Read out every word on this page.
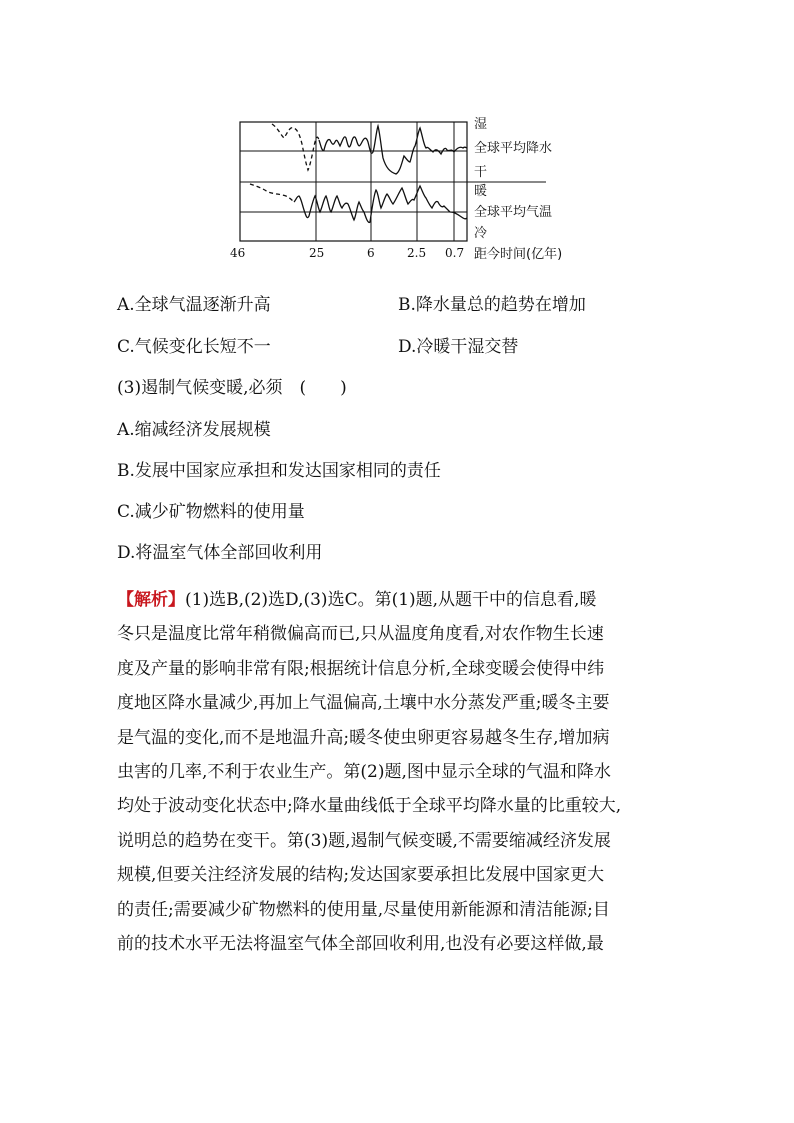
湿
全球平均降水
干
暖
全球平均气温
冷
距今时间(亿年)
46	25	6	2.5 0.7
A.全球气温逐渐升高	B.降水量总的趋势在增加
C.气候变化长短不一	D.冷暖干湿交替
(3)遏制气候变暖,必须　(　　)
A.缩减经济发展规模
B.发展中国家应承担和发达国家相同的责任
C.减少矿物燃料的使用量
D.将温室气体全部回收利用
【解析】(1)选B,(2)选D,(3)选C。第(1)题,从题干中的信息看,暖
冬只是温度比常年稍微偏高而已,只从温度角度看,对农作物生长速
度及产量的影响非常有限;根据统计信息分析,全球变暖会使得中纬
度地区降水量减少,再加上气温偏高,土壤中水分蒸发严重;暖冬主要
是气温的变化,而不是地温升高;暖冬使虫卵更容易越冬生存,增加病
虫害的几率,不利于农业生产。第(2)题,图中显示全球的气温和降水
均处于波动变化状态中;降水量曲线低于全球平均降水量的比重较大,
说明总的趋势在变干。第(3)题,遏制气候变暖,不需要缩减经济发展
规模,但要关注经济发展的结构;发达国家要承担比发展中国家更大
的责任;需要减少矿物燃料的使用量,尽量使用新能源和清洁能源;目
前的技术水平无法将温室气体全部回收利用,也没有必要这样做,最
